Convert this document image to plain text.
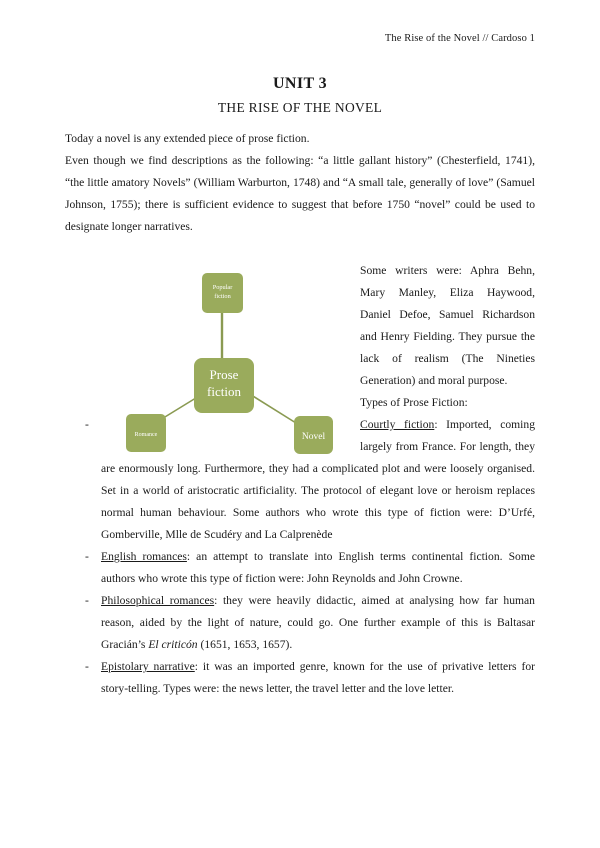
The Rise of the Novel // Cardoso 1
UNIT 3
THE RISE OF THE NOVEL

Today a novel is any extended piece of prose fiction.

Even though we find descriptions as the following: “a little gallant history” (Chesterfield, 1741), “the little amatory Novels” (William Warburton, 1748) and “A small tale, generally of love” (Samuel Johnson, 1755); there is sufficient evidence to suggest that before 1750 “novel” could be used to designate longer narratives.

Some writers were: Aphra Behn, Mary Manley, Eliza Haywood, Daniel Defoe, Samuel Richardson and Henry Fielding. They pursue the lack of realism (The Nineties Generation) and moral purpose.

Types of Prose Fiction:

-	Courtly fiction: Imported, coming largely from France. For length, they are enormously long. Furthermore, they had a complicated plot and were loosely organised. Set in a world of aristocratic artificiality. The protocol of elegant love or heroism replaces normal human behaviour. Some authors who wrote this type of fiction were: D’Urfé, Gomberville, Mlle de Scudéry and La Calprenède
- English romances: an attempt to translate into English terms continental fiction. Some authors who wrote this type of fiction were: John Reynolds and John Crowne.
- Philosophical romances: they were heavily didactic, aimed at analysing how far human reason, aided by the light of nature, could go. One further example of this is Baltasar Gracián’s El criticón (1651, 1653, 1657).
- Epistolary narrative: it was an imported genre, known for the use of privative letters for story-telling. Types were: the news letter, the travel letter and the love letter.
Popular
fiction
Prose
fiction
Romance	Novel
